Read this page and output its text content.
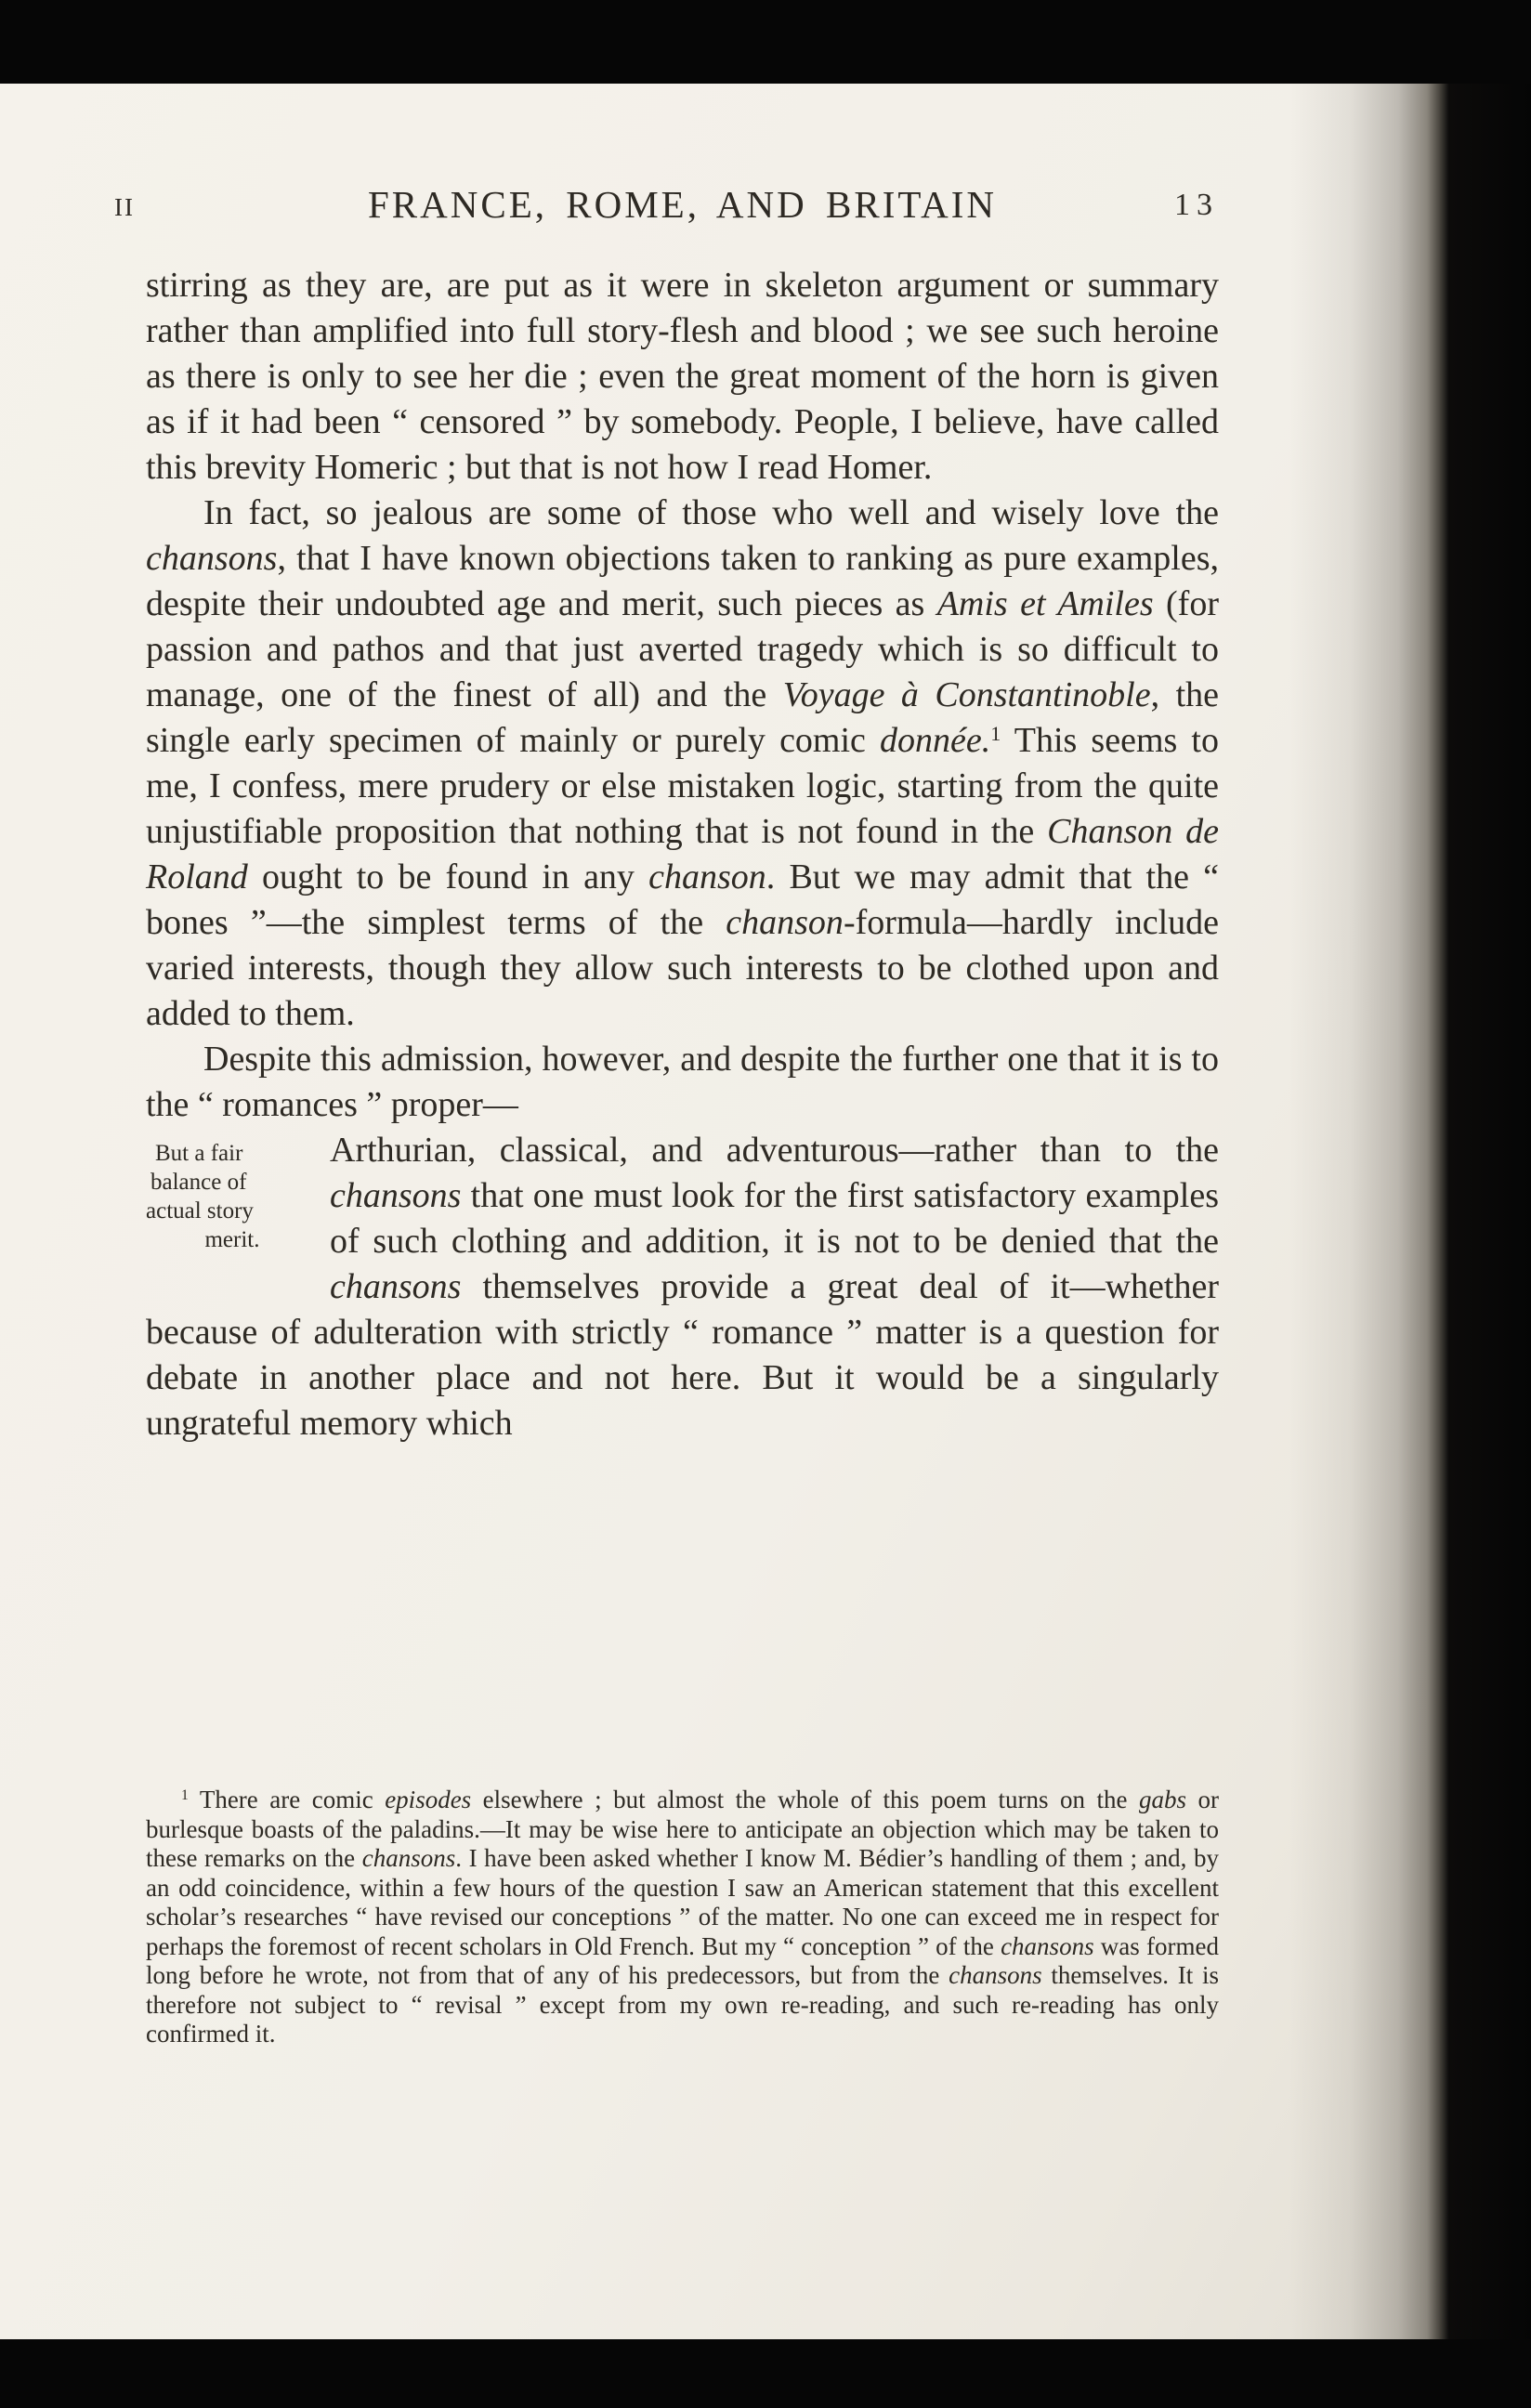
II	FRANCE, ROME, AND BRITAIN	13

stirring as they are, are put as it were in skeleton argument or summary rather than amplified into full story-flesh and blood ; we see such heroine as there is only to see her die ; even the great moment of the horn is given as if it had been “ censored ” by somebody. People, I believe, have called this brevity Homeric ; but that is not how I read Homer.

In fact, so jealous are some of those who well and wisely love the chansons, that I have known objections taken to ranking as pure examples, despite their undoubted age and merit, such pieces as Amis et Amiles (for passion and pathos and that just averted tragedy which is so difficult to manage, one of the finest of all) and the Voyage à Constantinoble, the single early specimen of mainly or purely comic donnée.$^1$ This seems to me, I confess, mere prudery or else mistaken logic, starting from the quite unjustifiable proposition that nothing that is not found in the Chanson de Roland ought to be found in any chanson. But we may admit that the “ bones ”—the simplest terms of the chanson-formula—hardly include varied interests, though they allow such interests to be clothed upon and added to them.

Despite this admission, however, and despite the further one that it is to the “ romances ” proper—

But a fair
balance of
actual story
merit.
Arthurian, classical, and adventurous—rather than to the chansons that one must look for the first satisfactory examples of such clothing and addition, it is not to be denied that the chansons themselves provide a great deal of it—whether because of adulteration with strictly “ romance ” matter is a question for debate in another place and not here. But it would be a singularly ungrateful memory which

$^1$ There are comic episodes elsewhere ; but almost the whole of this poem turns on the gabs or burlesque boasts of the paladins.—It may be wise here to anticipate an objection which may be taken to these remarks on the chansons. I have been asked whether I know M. Bédier’s handling of them ; and, by an odd coincidence, within a few hours of the question I saw an American statement that this excellent scholar’s researches “ have revised our conceptions ” of the matter. No one can exceed me in respect for perhaps the foremost of recent scholars in Old French. But my “ conception ” of the chansons was formed long before he wrote, not from that of any of his predecessors, but from the chansons themselves. It is therefore not subject to “ revisal ” except from my own re-reading, and such re-reading has only confirmed it.
